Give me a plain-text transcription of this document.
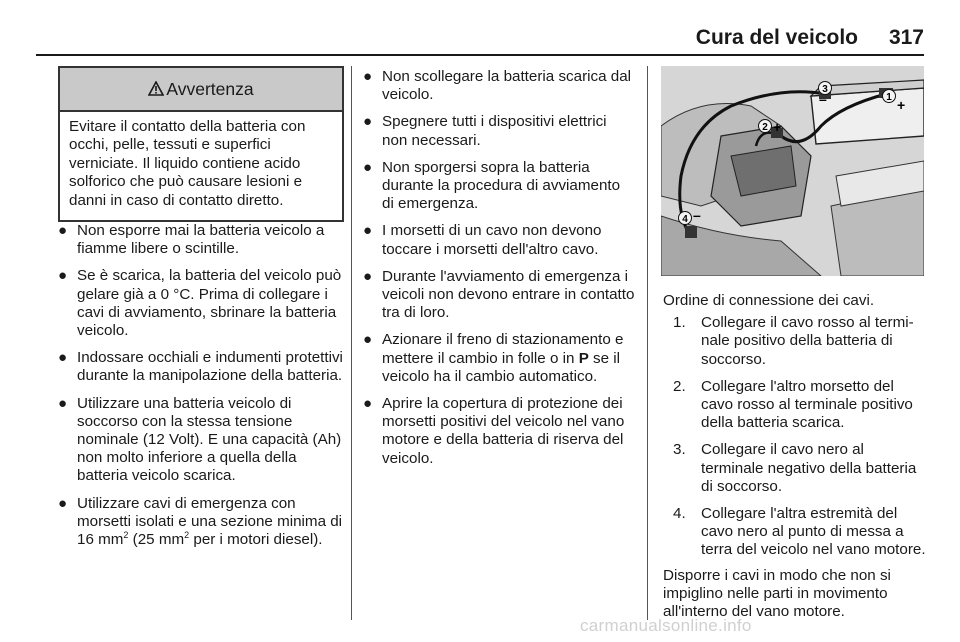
Cura del veicolo 317
Avvertenza
Evitare il contatto della batteria con occhi, pelle, tessuti e superfici verniciate. Il liquido contiene acido solforico che può causare lesioni e danni in caso di contatto diretto.
● Non esporre mai la batteria veicolo a fiamme libere o scintille.
● Se è scarica, la batteria del veicolo può gelare già a 0 °C. Prima di collegare i cavi di avviamento, sbrinare la batteria veicolo.
● Indossare occhiali e indumenti protettivi durante la manipolazione della batteria.
● Utilizzare una batteria veicolo di soccorso con la stessa tensione nominale (12 Volt). E una capacità (Ah) non molto inferiore a quella della batteria veicolo scarica.
● Utilizzare cavi di emergenza con morsetti isolati e una sezione minima di 16 $mm^2$ (25 $mm^2$ per i motori diesel).
● Non scollegare la batteria scarica dal veicolo.
● Spegnere tutti i dispositivi elettrici non necessari.
● Non sporgersi sopra la batteria durante la procedura di avviamento di emergenza.
● I morsetti di un cavo non devono toccare i morsetti dell'altro cavo.
● Durante l'avviamento di emergenza i veicoli non devono entrare in contatto tra di loro.
● Azionare il freno di stazionamento e mettere il cambio in folle o in P se il veicolo ha il cambio automatico.
● Aprire la copertura di protezione dei morsetti positivi del veicolo nel vano motore e della batteria di riserva del veicolo.
1 +
3
–
2 +
4 –

Ordine di connessione dei cavi.

1. Collegare il cavo rosso al terminale positivo della batteria di soccorso.
2. Collegare l'altro morsetto del cavo rosso al terminale positivo della batteria scarica.
3. Collegare il cavo nero al terminale negativo della batteria di soccorso.
4. Collegare l'altra estremità del cavo nero al punto di messa a terra del veicolo nel vano motore.

Disporre i cavi in modo che non si impiglino nelle parti in movimento all'interno del vano motore.

carmanualsonline.info
